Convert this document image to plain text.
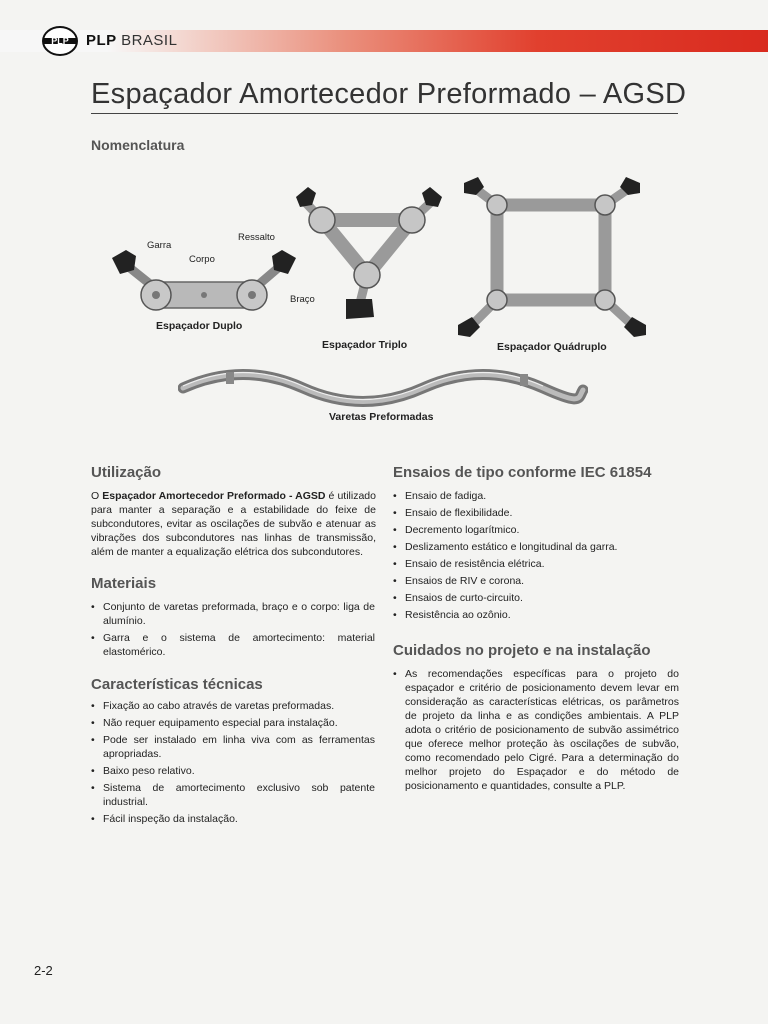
PLP PLP BRASIL
Espaçador Amortecedor Preformado – AGSD
Nomenclatura
Garra
Ressalto
Corpo
Braço
Espaçador Duplo
Espaçador Triplo	Espaçador Quádruplo
Varetas Preformadas
Utilização
O Espaçador Amortecedor Preformado - AGSD é utilizado para manter a separação e a estabilidade do feixe de subcondutores, evitar as oscilações de subvão e atenuar as vibrações dos subcondutores nas linhas de transmissão, além de manter a equalização elétrica dos subcondutores.
Materiais
• Conjunto de varetas preformada, braço e o corpo: liga de alumínio.
• Garra e o sistema de amortecimento: material elastomérico.
Características técnicas
• Fixação ao cabo através de varetas preformadas.
• Não requer equipamento especial para instalação.
• Pode ser instalado em linha viva com as ferramentas apropriadas.
• Baixo peso relativo.
• Sistema de amortecimento exclusivo sob patente industrial.
• Fácil inspeção da instalação.
Ensaios de tipo conforme IEC 61854
• Ensaio de fadiga.
• Ensaio de flexibilidade.
• Decremento logarítmico.
• Deslizamento estático e longitudinal da garra.
• Ensaio de resistência elétrica.
• Ensaios de RIV e corona.
• Ensaios de curto-circuito.
• Resistência ao ozônio.
Cuidados no projeto e na instalação
• As recomendações específicas para o projeto do espaçador e critério de posicionamento devem levar em consideração as características elétricas, os parâmetros de projeto da linha e as condições ambientais. A PLP adota o critério de posicionamento de subvão assimétrico que oferece melhor proteção às oscilações de subvão, como recomendado pelo Cigré. Para a determinação do melhor projeto do Espaçador e do método de posicionamento e quantidades, consulte a PLP.
2-2
